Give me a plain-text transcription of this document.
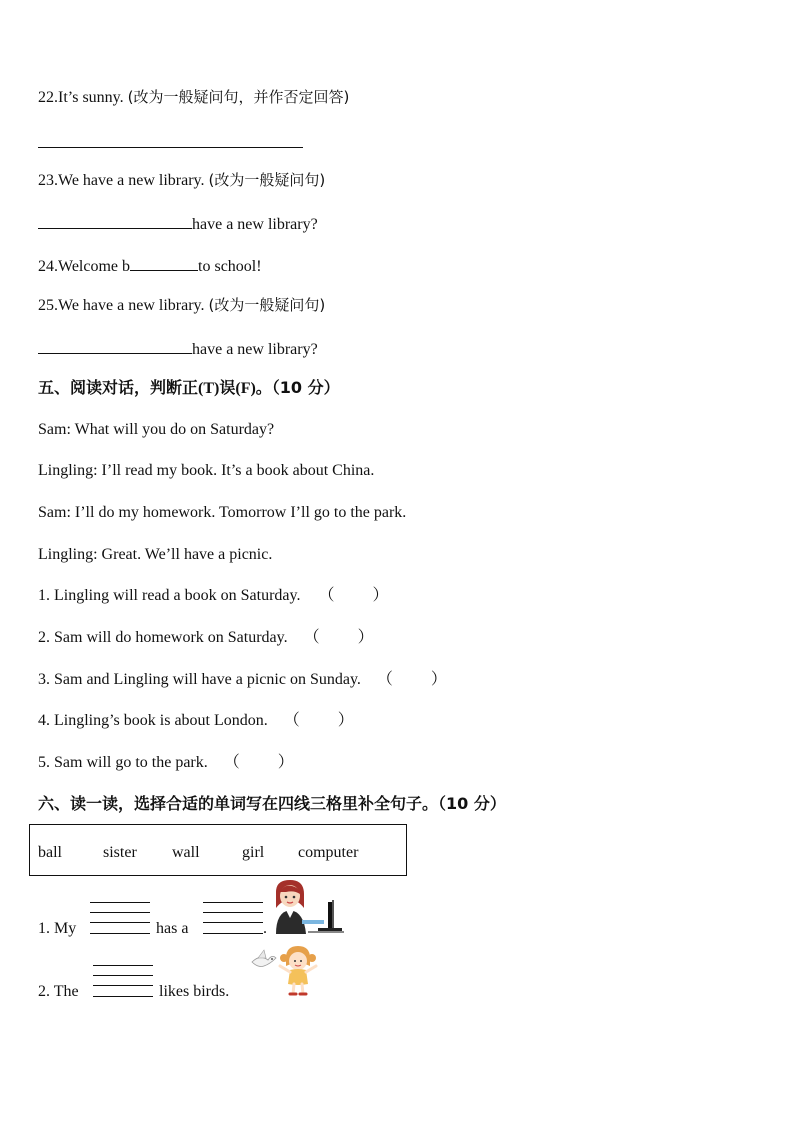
22.It’s sunny. (改为一般疑问句，并作否定回答)
23.We have a new library. (改为一般疑问句)
have a new library?
24.Welcome b	to school!
25.We have a new library. (改为一般疑问句)
have a new library?
五、阅读对话，判断正(T)误(F)。（10 分）
Sam: What will you do on Saturday?
Lingling: I’ll read my book. It’s a book about China.
Sam: I’ll do my homework. Tomorrow I’ll go to the park.
Lingling: Great. We’ll have a picnic.
1. Lingling will read a book on Saturday. （ ）
2. Sam will do homework on Saturday. （ ）
3. Sam and Lingling will have a picnic on Sunday. （ ）
4. Lingling’s book is about London. （ ）
5. Sam will go to the park. （ ）
六、读一读，选择合适的单词写在四线三格里补全句子。（10 分）
ball	sister wall	girl computer
1. My	has a	.
2. The	likes birds.
